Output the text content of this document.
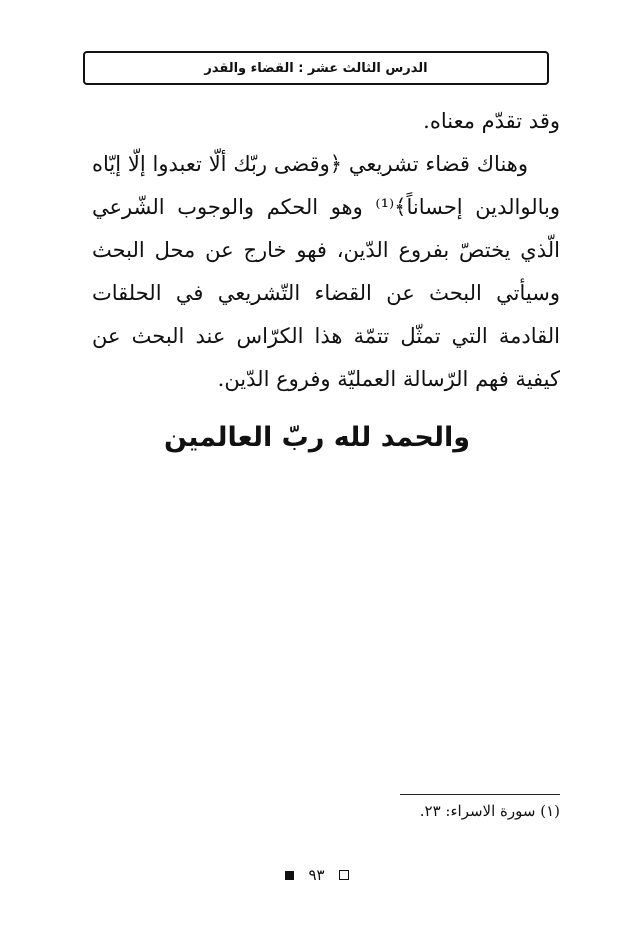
الدرس الثالث عشر : القضاء والقدر

وقد تقدّم معناه.

وهناك قضاء تشريعي ﴿وقضى ربّك ألّا تعبدوا إلّا إيّاه وبالوالدين إحساناً﴾⁽¹⁾ وهو الحكم والوجوب الشّرعي الّذي يختصّ بفروع الدّين، فهو خارج عن محل البحث وسيأتي البحث عن القضاء التّشريعي في الحلقات القادمة التي تمثّل تتمّة هذا الكرّاس عند البحث عن كيفية فهم الرّسالة العمليّة وفروع الدّين.

والحمد لله ربّ العالمين
(١) سورة الاسراء: ٢٣.
٩٣
